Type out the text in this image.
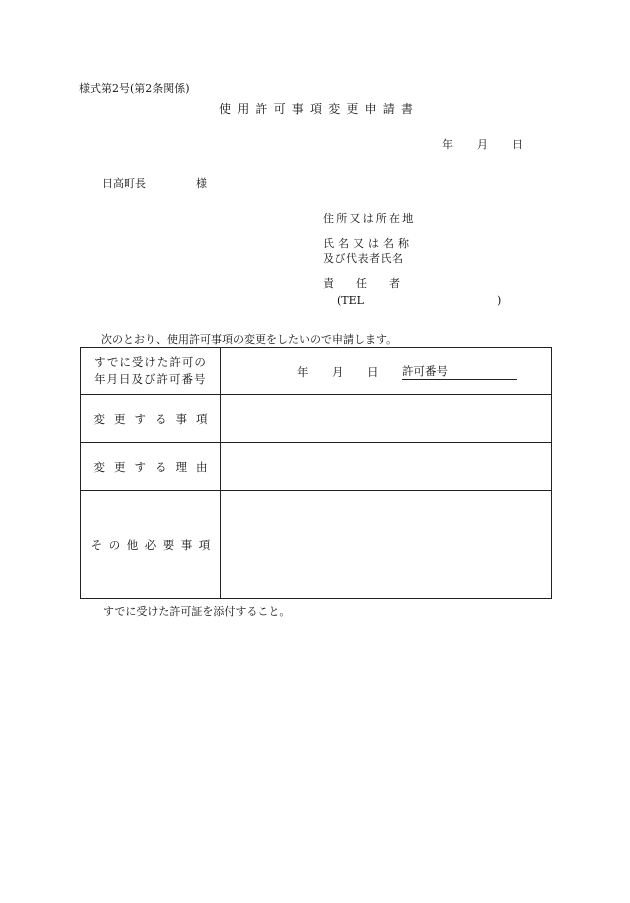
様式第2号(第2条関係)
使用許可事項変更申請書
年 月 日
日高町長	様
住所又は所在地
氏名又は名称
及び代表者氏名
責　　任　　者
(TEL	)
次のとおり、使用許可事項の変更をしたいので申請します。
すでに受けた許可の
年月日及び許可番号	年 月 日 許可番号

変更する事項	
変更する理由	
その他必要事項	
すでに受けた許可証を添付すること。
